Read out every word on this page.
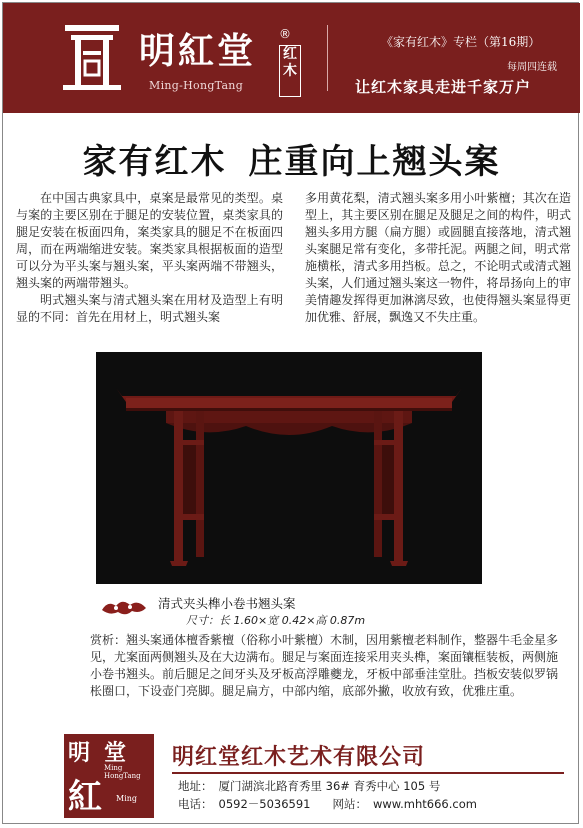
明紅堂 ®
Ming-HongTang
红木
《家有红木》专栏（第16期）
每周四连载
让红木家具走进千家万户
家有红木 庄重向上翘头案

在中国古典家具中，桌案是最常见的类型。桌与案的主要区别在于腿足的安装位置，桌类家具的腿足安装在板面四角，案类家具的腿足不在板面四周，而在两端缩进安装。案类家具根据板面的造型可以分为平头案与翘头案，平头案两端不带翘头，翘头案的两端带翘头。

明式翘头案与清式翘头案在用材及造型上有明显的不同：首先在用材上，明式翘头案

多用黄花梨，清式翘头案多用小叶紫檀；其次在造型上，其主要区别在腿足及腿足之间的构件，明式翘头多用方腿（扁方腿）或圆腿直接落地，清式翘头案腿足常有变化，多带托泥。两腿之间，明式常施横枨，清式多用挡板。总之，不论明式或清式翘头案，人们通过翘头案这一物件，将昂扬向上的审美情趣发挥得更加淋漓尽致，也使得翘头案显得更加优雅、舒展，飘逸又不失庄重。

清式夹头榫小卷书翘头案
尺寸：长 1.60×宽 0.42×高 0.87m
赏析：翘头案通体檀香紫檀（俗称小叶紫檀）木制，因用紫檀老料制作，整器牛毛金星多见，尤案面两侧翘头及在大边满布。腿足与案面连接采用夹头榫，案面镶框装板，两侧施小卷书翘头。前后腿足之间牙头及牙板高浮雕夔龙，牙板中部垂洼堂肚。挡板安装似罗锅枨圈口，下设壶门亮脚。腿足扁方，中部内缩，底部外撇，收放有致，优雅庄重。
明 堂
Ming HongTang
紅 Ming
明红堂红木艺术有限公司
地址： 厦门湖滨北路育秀里 36# 育秀中心 105 号
电话： 0592－5036591 网站： www.mht666.com
